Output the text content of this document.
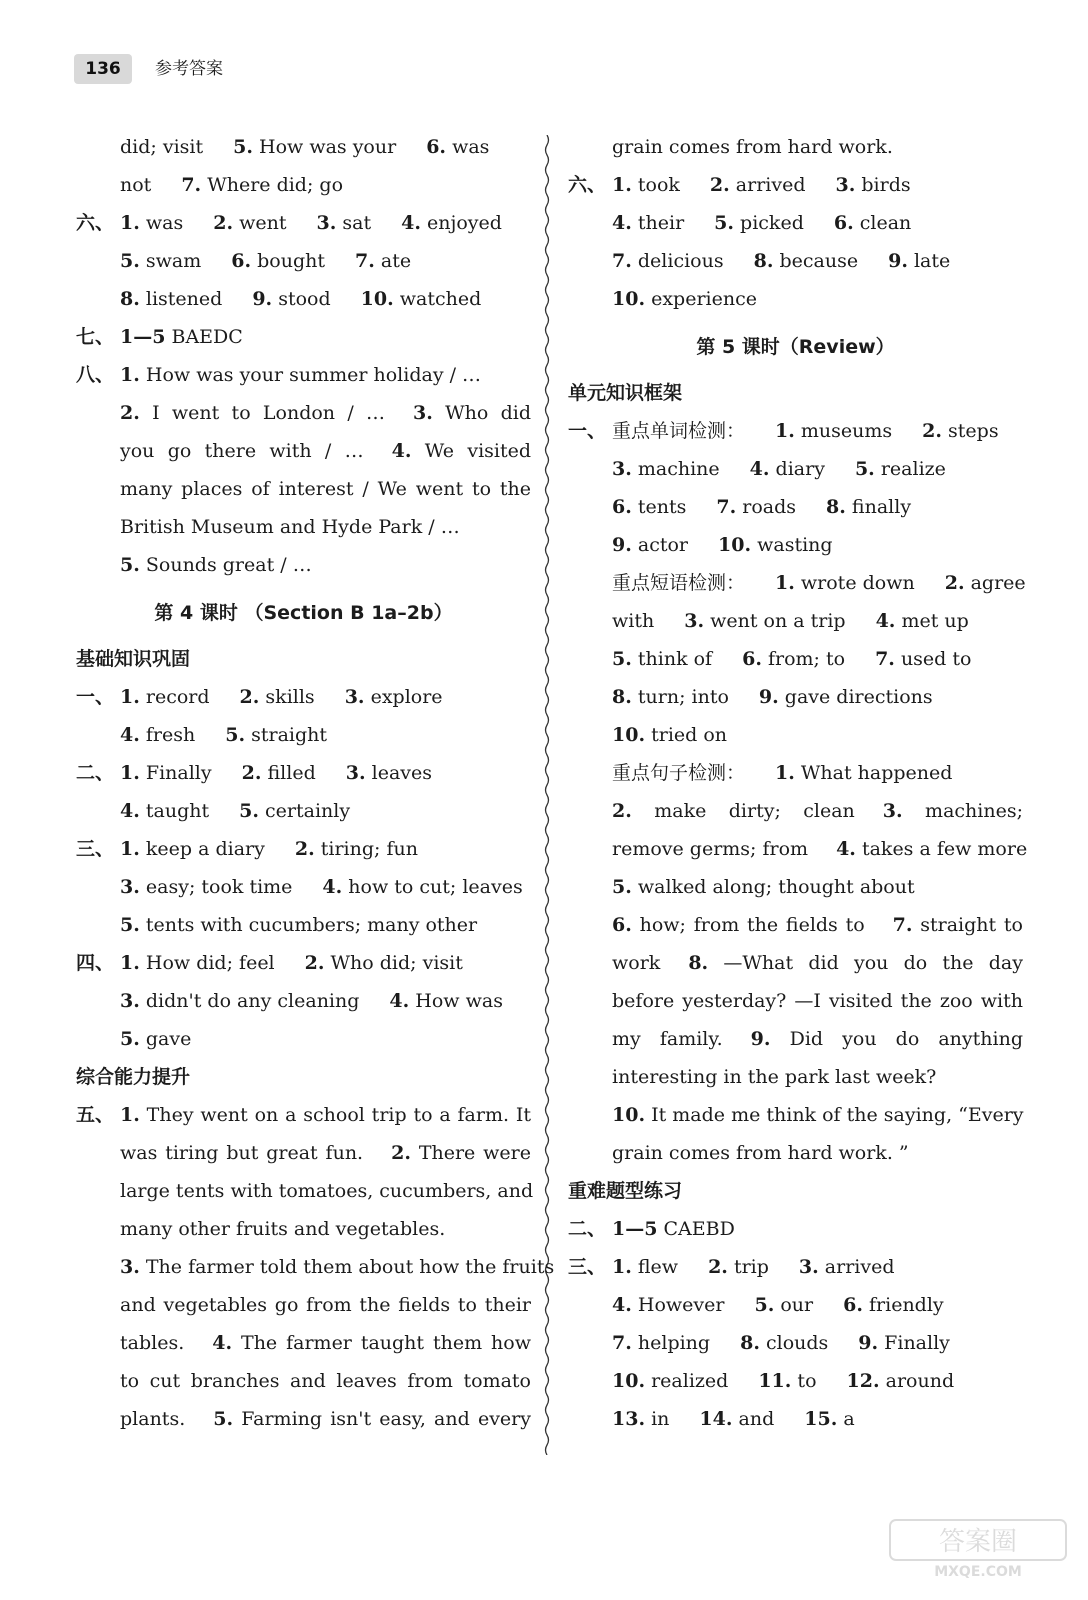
136	参考答案
did; visit 5. How was your 6. was
not 7. Where did; go
六、 1. was 2. went 3. sat 4. enjoyed
5. swam 6. bought 7. ate
8. listened 9. stood 10. watched
七、 1—5 BAEDC
八、 1. How was your summer holiday / …
2. I went to London / … 3. Who did
you go there with / … 4. We visited
many places of interest / We went to the
British Museum and Hyde Park / …
5. Sounds great / …
第 4 课时 （Section B 1a–2b）
基础知识巩固
一、 1. record 2. skills 3. explore
4. fresh 5. straight
二、 1. Finally 2. filled 3. leaves
4. taught 5. certainly
三、 1. keep a diary 2. tiring; fun
3. easy; took time 4. how to cut; leaves
5. tents with cucumbers; many other
四、 1. How did; feel 2. Who did; visit
3. didn't do any cleaning 4. How was
5. gave
综合能力提升
五、 1. They went on a school trip to a farm. It
was tiring but great fun. 2. There were
large tents with tomatoes, cucumbers, and
many other fruits and vegetables.
3. The farmer told them about how the fruits
and vegetables go from the fields to their
tables. 4. The farmer taught them how
to cut branches and leaves from tomato
plants. 5. Farming isn't easy, and every
grain comes from hard work.
六、 1. took 2. arrived 3. birds
4. their 5. picked 6. clean
7. delicious 8. because 9. late
10. experience
第 5 课时（Review）
单元知识框架
一、 重点单词检测： 1. museums 2. steps
3. machine 4. diary 5. realize
6. tents 7. roads 8. finally
9. actor 10. wasting
重点短语检测： 1. wrote down 2. agree
with 3. went on a trip 4. met up
5. think of 6. from; to 7. used to
8. turn; into 9. gave directions
10. tried on
重点句子检测： 1. What happened
2. make dirty; clean 3. machines;
remove germs; from 4. takes a few more
5. walked along; thought about
6. how; from the fields to 7. straight to
work 8. —What did you do the day
before yesterday? —I visited the zoo with
my family. 9. Did you do anything
interesting in the park last week?
10. It made me think of the saying, “Every
grain comes from hard work. ”
重难题型练习
二、 1—5 CAEBD
三、 1. flew 2. trip 3. arrived
4. However 5. our 6. friendly
7. helping 8. clouds 9. Finally
10. realized 11. to 12. around
13. in 14. and 15. a
答案圈
MXQE.COM
